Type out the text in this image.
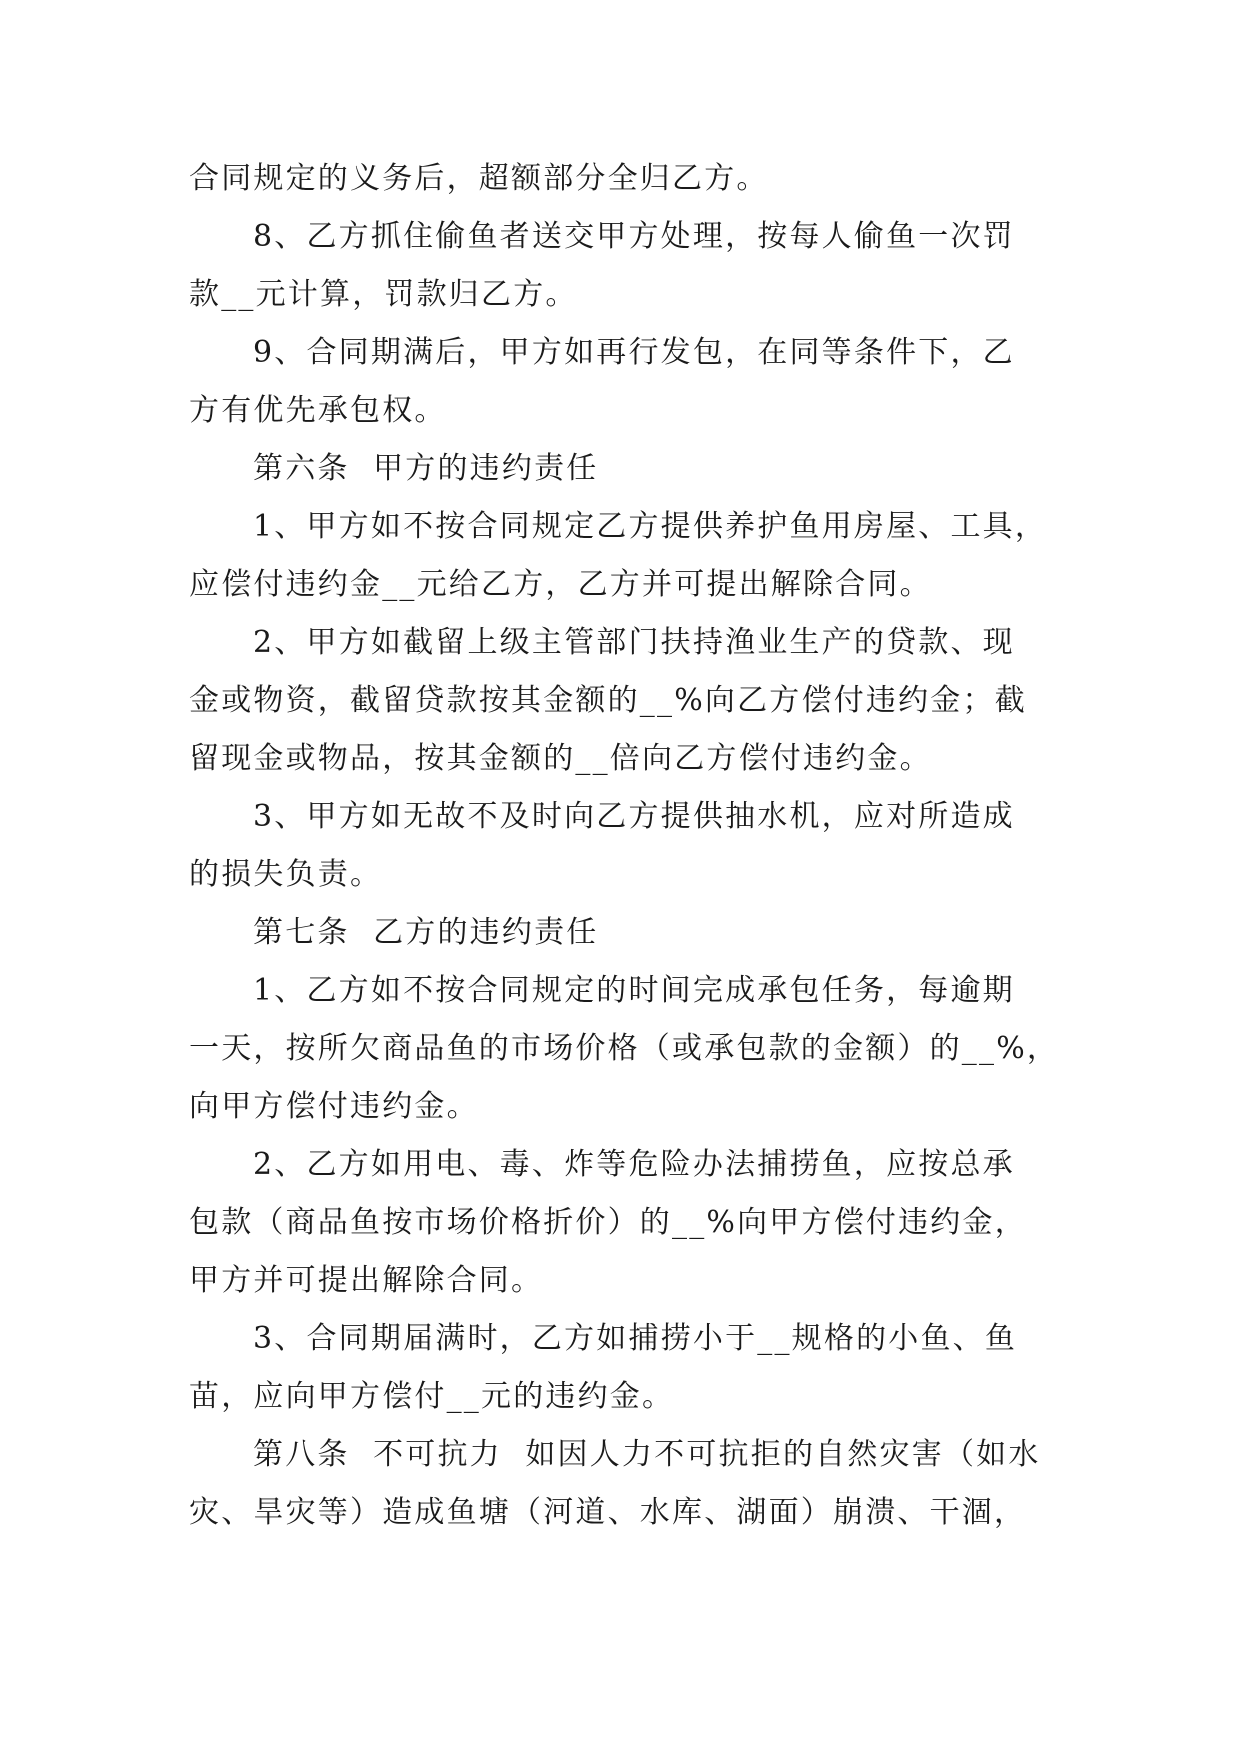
合同规定的义务后，超额部分全归乙方。
8、乙方抓住偷鱼者送交甲方处理，按每人偷鱼一次罚
款__元计算，罚款归乙方。
9、合同期满后，甲方如再行发包，在同等条件下，乙
方有优先承包权。
第六条  甲方的违约责任
1、甲方如不按合同规定乙方提供养护鱼用房屋、工具，
应偿付违约金__元给乙方，乙方并可提出解除合同。
2、甲方如截留上级主管部门扶持渔业生产的贷款、现
金或物资，截留贷款按其金额的__%向乙方偿付违约金；截
留现金或物品，按其金额的__倍向乙方偿付违约金。
3、甲方如无故不及时向乙方提供抽水机，应对所造成
的损失负责。
第七条  乙方的违约责任
1、乙方如不按合同规定的时间完成承包任务，每逾期
一天，按所欠商品鱼的市场价格（或承包款的金额）的__%，
向甲方偿付违约金。
2、乙方如用电、毒、炸等危险办法捕捞鱼，应按总承
包款（商品鱼按市场价格折价）的__%向甲方偿付违约金，
甲方并可提出解除合同。
3、合同期届满时，乙方如捕捞小于__规格的小鱼、鱼
苗，应向甲方偿付__元的违约金。
第八条  不可抗力  如因人力不可抗拒的自然灾害（如水
灾、旱灾等）造成鱼塘（河道、水库、湖面）崩溃、干涸，
